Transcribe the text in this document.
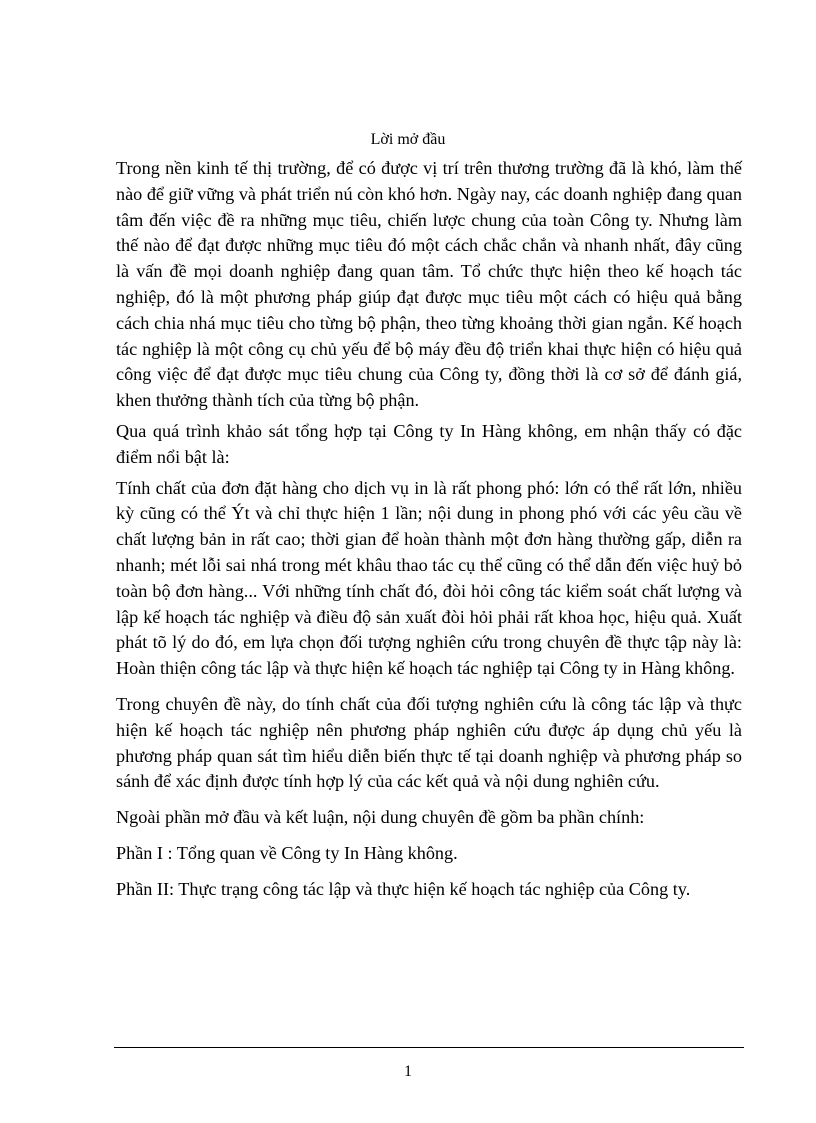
Lời mở đầu

Trong nền kinh tế thị trường, để có được vị trí trên thương trường đã là khó, làm thế nào để giữ vững và phát triển nú còn khó hơn. Ngày nay, các doanh nghiệp đang quan tâm đến việc đề ra những mục tiêu, chiến lược chung của toàn Công ty. Nhưng làm thế nào để đạt được những mục tiêu đó một cách chắc chắn và nhanh nhất, đây cũng là vấn đề mọi doanh nghiệp đang quan tâm. Tổ chức thực hiện theo kế hoạch tác nghiệp, đó là một phương pháp giúp đạt được mục tiêu một cách có hiệu quả bằng cách chia nhá mục tiêu cho từng bộ phận, theo từng khoảng thời gian ngắn. Kế hoạch tác nghiệp là một công cụ chủ yếu để bộ máy đều độ triển khai thực hiện có hiệu quả công việc để đạt được mục tiêu chung của Công ty, đồng thời là cơ sở để đánh giá, khen thưởng thành tích của từng bộ phận.

Qua quá trình khảo sát tổng hợp tại Công ty In Hàng không, em nhận thấy có đặc điểm nổi bật là:

Tính chất của đơn đặt hàng cho dịch vụ in là rất phong phó: lớn có thể rất lớn, nhiều kỳ cũng có thể Ýt và chỉ thực hiện 1 lần; nội dung in phong phó với các yêu cầu về chất lượng bản in rất cao; thời gian để hoàn thành một đơn hàng thường gấp, diễn ra nhanh; mét lỗi sai nhá trong mét khâu thao tác cụ thể cũng có thể dẫn đến việc huỷ bỏ toàn bộ đơn hàng... Với những tính chất đó, đòi hỏi công tác kiểm soát chất lượng và lập kế hoạch tác nghiệp và điều độ sản xuất đòi hỏi phải rất khoa học, hiệu quả. Xuất phát tõ lý do đó, em lựa chọn đối tượng nghiên cứu trong chuyên đề thực tập này là: Hoàn thiện công tác lập và thực hiện kế hoạch tác nghiệp tại Công ty in Hàng không.

Trong chuyên đề này, do tính chất của đối tượng nghiên cứu là công tác lập và thực hiện kế hoạch tác nghiệp nên phương pháp nghiên cứu được áp dụng chủ yếu là phương pháp quan sát tìm hiểu diễn biến thực tế tại doanh nghiệp và phương pháp so sánh để xác định được tính hợp lý của các kết quả và nội dung nghiên cứu.

Ngoài phần mở đầu và kết luận, nội dung chuyên đề gồm ba phần chính:

Phần I : Tổng quan về Công ty In Hàng không.

Phần II: Thực trạng công tác lập và thực hiện kế hoạch tác nghiệp của Công ty.

1
